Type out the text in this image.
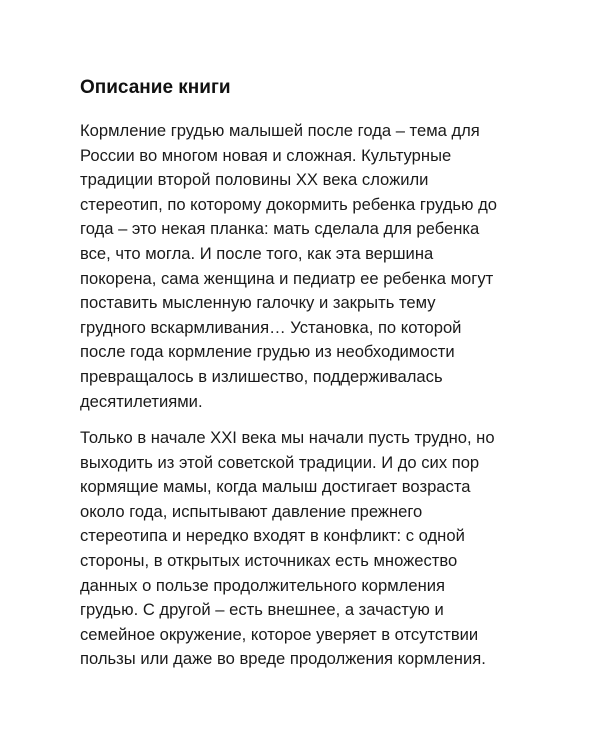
Описание книги

Кормление грудью малышей после года – тема для
России во многом новая и сложная. Культурные
традиции второй половины XX века сложили
стереотип, по которому докормить ребенка грудью до
года – это некая планка: мать сделала для ребенка
все, что могла. И после того, как эта вершина
покорена, сама женщина и педиатр ее ребенка могут
поставить мысленную галочку и закрыть тему
грудного вскармливания… Установка, по которой
после года кормление грудью из необходимости
превращалось в излишество, поддерживалась
десятилетиями.

Только в начале XXI века мы начали пусть трудно, но
выходить из этой советской традиции. И до сих пор
кормящие мамы, когда малыш достигает возраста
около года, испытывают давление прежнего
стереотипа и нередко входят в конфликт: с одной
стороны, в открытых источниках есть множество
данных о пользе продолжительного кормления
грудью. С другой – есть внешнее, а зачастую и
семейное окружение, которое уверяет в отсутствии
пользы или даже во вреде продолжения кормления.
